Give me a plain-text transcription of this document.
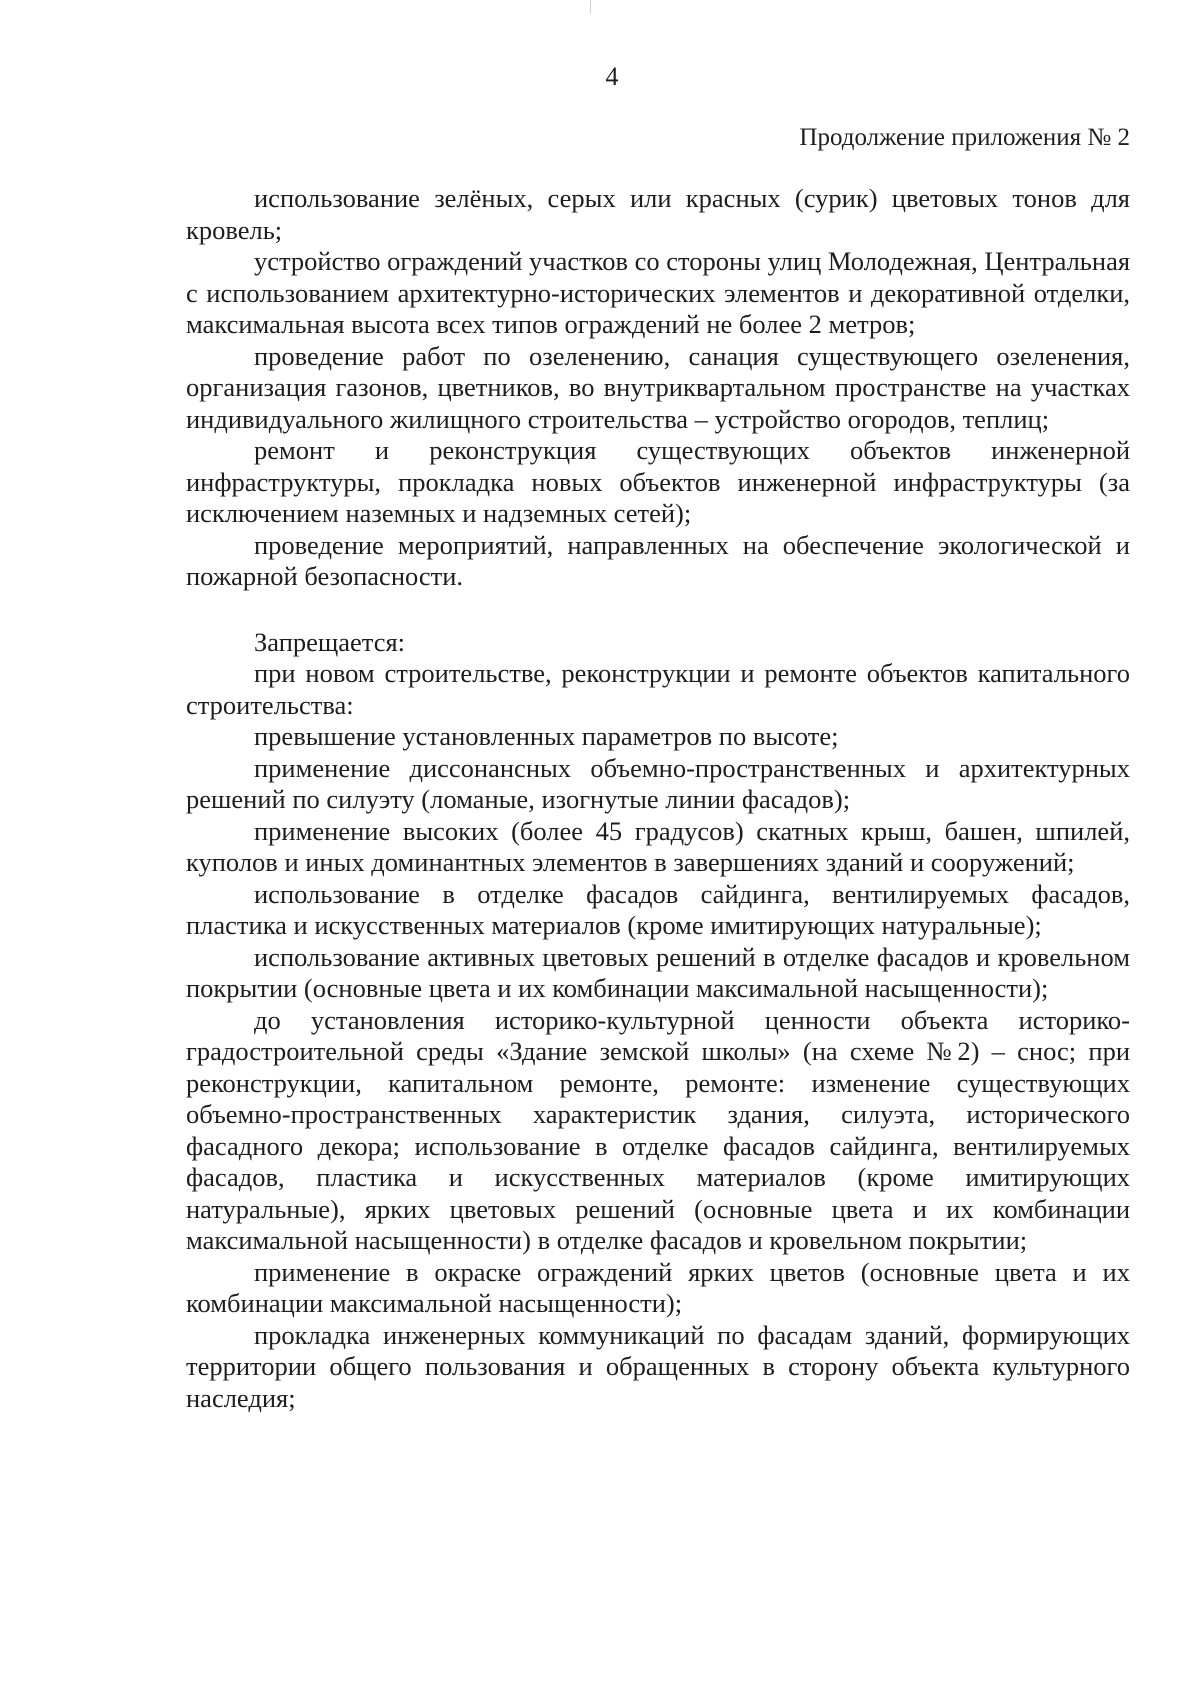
4
Продолжение приложения № 2

использование зелёных, серых или красных (сурик) цветовых тонов для кровель;

устройство ограждений участков со стороны улиц Молодежная, Центральная с использованием архитектурно-исторических элементов и декоративной отделки, максимальная высота всех типов ограждений не более 2 метров;

проведение работ по озеленению, санация существующего озеленения, организация газонов, цветников, во внутриквартальном пространстве на участках индивидуального жилищного строительства – устройство огородов, теплиц;

ремонт и реконструкция существующих объектов инженерной инфраструктуры, прокладка новых объектов инженерной инфраструктуры (за исключением наземных и надземных сетей);

проведение мероприятий, направленных на обеспечение экологической и пожарной безопасности.

Запрещается:

при новом строительстве, реконструкции и ремонте объектов капитального строительства:

превышение установленных параметров по высоте;

применение диссонансных объемно-пространственных и архитектурных решений по силуэту (ломаные, изогнутые линии фасадов);

применение высоких (более 45 градусов) скатных крыш, башен, шпилей, куполов и иных доминантных элементов в завершениях зданий и сооружений;

использование в отделке фасадов сайдинга, вентилируемых фасадов, пластика и искусственных материалов (кроме имитирующих натуральные);

использование активных цветовых решений в отделке фасадов и кровельном покрытии (основные цвета и их комбинации максимальной насыщенности);

до установления историко-культурной ценности объекта историко-градостроительной среды «Здание земской школы» (на схеме №2) – снос; при реконструкции, капитальном ремонте, ремонте: изменение существующих объемно-пространственных характеристик здания, силуэта, исторического фасадного декора; использование в отделке фасадов сайдинга, вентилируемых фасадов, пластика и искусственных материалов (кроме имитирующих натуральные), ярких цветовых решений (основные цвета и их комбинации максимальной насыщенности) в отделке фасадов и кровельном покрытии;

применение в окраске ограждений ярких цветов (основные цвета и их комбинации максимальной насыщенности);

прокладка инженерных коммуникаций по фасадам зданий, формирующих территории общего пользования и обращенных в сторону объекта культурного наследия;
